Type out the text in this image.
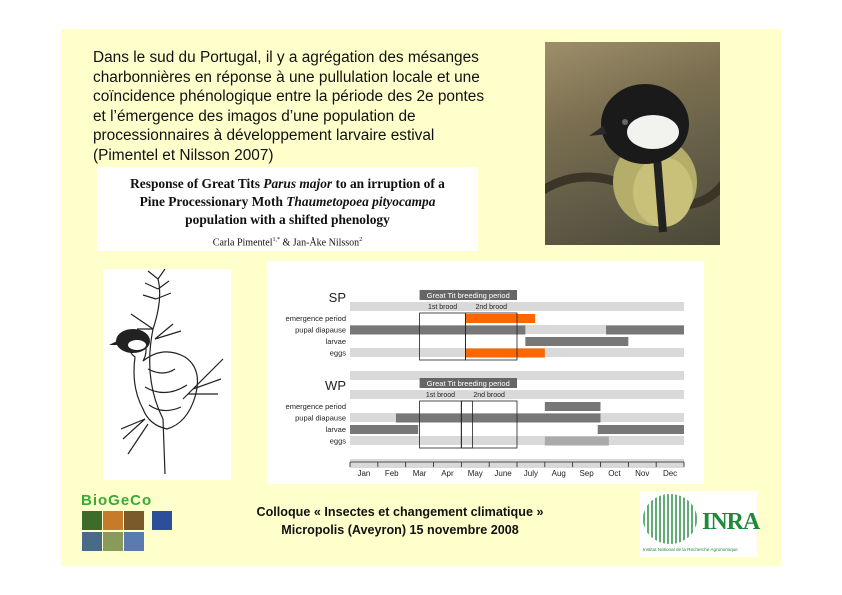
Dans le sud du Portugal, il y a agrégation des mésanges
charbonnières en réponse à une pullulation locale et une
coïncidence phénologique entre la période des 2e pontes
et l’émergence des imagos d’une population de
processionnaires à développement larvaire estival
(Pimentel et Nilsson 2007)

Response of Great Tits Parus major to an irruption of a
Pine Processionary Moth Thaumetopoea pityocampa
population with a shifted phenology
Carla Pimentel$^{1,*}$ & Jan-Åke Nilsson$^2$
SP	Great Tit breeding period
1st brood	2nd brood
emergence period
pupal diapause
larvae
eggs
WP	Great Tit breeding period
1st brood	2nd brood
emergence period
pupal diapause
larvae
eggs
Jan Feb Mar Apr May June July Aug Sep Oct Nov Dec
BioGeCo
Colloque « Insectes et changement climatique »
Micropolis (Aveyron) 15 novembre 2008	INRA
Institut National de la Recherche Agronomique
